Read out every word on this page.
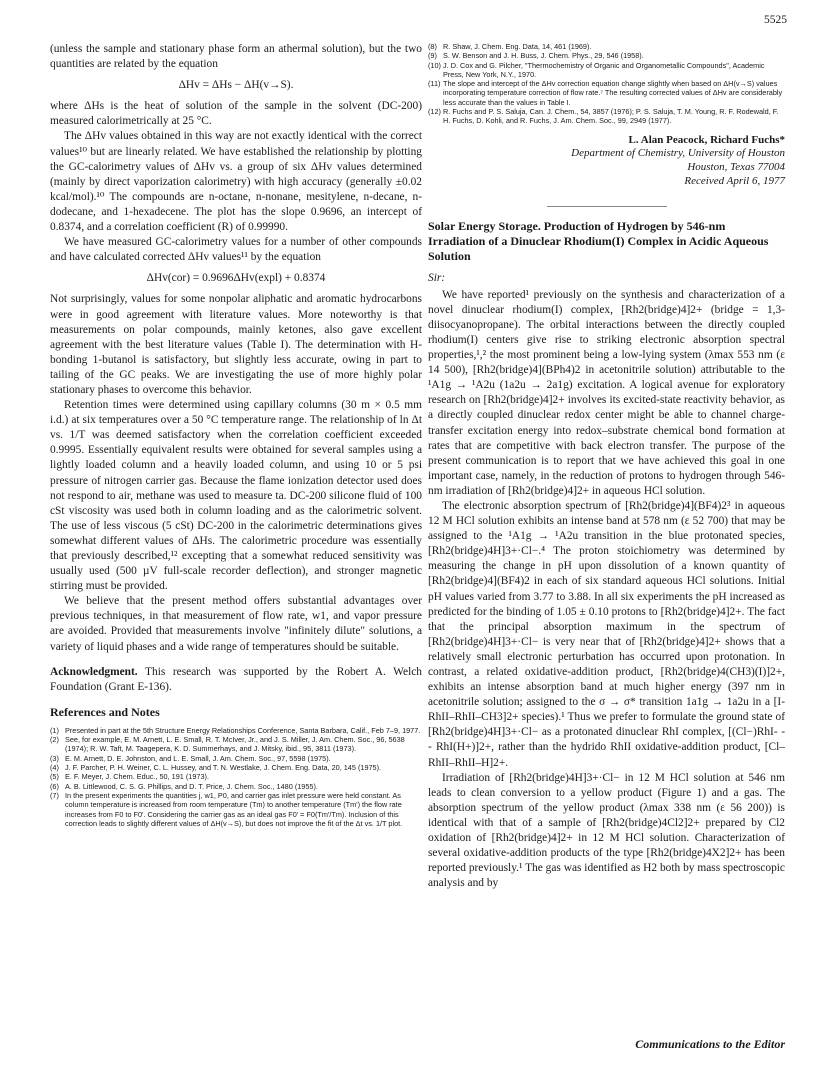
5525

(unless the sample and stationary phase form an athermal solution), but the two quantities are related by the equation

ΔHv = ΔHs − ΔH(v→S).

where ΔHs is the heat of solution of the sample in the solvent (DC-200) measured calorimetrically at 25 °C.

The ΔHv values obtained in this way are not exactly identical with the correct values¹⁰ but are linearly related. We have established the relationship by plotting the GC-calorimetry values of ΔHv vs. a group of six ΔHv values determined (mainly by direct vaporization calorimetry) with high accuracy (generally ±0.02 kcal/mol).¹⁰ The compounds are n-octane, n-nonane, mesitylene, n-decane, n-dodecane, and 1-hexadecene. The plot has the slope 0.9696, an intercept of 0.8374, and a correlation coefficient (R) of 0.99990.

We have measured GC-calorimetry values for a number of other compounds and have calculated corrected ΔHv values¹¹ by the equation

ΔHv(cor) = 0.9696ΔHv(expl) + 0.8374

Not surprisingly, values for some nonpolar aliphatic and aromatic hydrocarbons were in good agreement with literature values. More noteworthy is that measurements on polar compounds, mainly ketones, also gave excellent agreement with the best literature values (Table I). The determination with H-bonding 1-butanol is satisfactory, but slightly less accurate, owing in part to tailing of the GC peaks. We are investigating the use of more highly polar stationary phases to overcome this behavior.

Retention times were determined using capillary columns (30 m × 0.5 mm i.d.) at six temperatures over a 50 °C temperature range. The relationship of ln Δt vs. 1/T was deemed satisfactory when the correlation coefficient exceeded 0.9995. Essentially equivalent results were obtained for several samples using a lightly loaded column and a heavily loaded column, and using 10 or 5 psi pressure of nitrogen carrier gas. Because the flame ionization detector used does not respond to air, methane was used to measure ta. DC-200 silicone fluid of 100 cSt viscosity was used both in column loading and as the calorimetric solvent. The use of less viscous (5 cSt) DC-200 in the calorimetric determinations gives somewhat different values of ΔHs. The calorimetric procedure was essentially that previously described,¹² excepting that a somewhat reduced sensitivity was usually used (500 µV full-scale recorder deflection), and stronger magnetic stirring must be provided.

We believe that the present method offers substantial advantages over previous techniques, in that measurement of flow rate, w1, and vapor pressure are avoided. Provided that measurements involve "infinitely dilute" solutions, a variety of liquid phases and a wide range of temperatures should be suitable.

Acknowledgment. This research was supported by the Robert A. Welch Foundation (Grant E-136).
References and Notes
(1) Presented in part at the 5th Structure Energy Relationships Conference, Santa Barbara, Calif., Feb 7–9, 1977.
(2) See, for example, E. M. Arnett, L. E. Small, R. T. McIver, Jr., and J. S. Miller, J. Am. Chem. Soc., 96, 5638 (1974); R. W. Taft, M. Taagepera, K. D. Summerhays, and J. Mitsky, ibid., 95, 3811 (1973).
(3) E. M. Arnett, D. E. Johnston, and L. E. Small, J. Am. Chem. Soc., 97, 5598 (1975).
(4) J. F. Parcher, P. H. Weiner, C. L. Hussey, and T. N. Westlake, J. Chem. Eng. Data, 20, 145 (1975).
(5) E. F. Meyer, J. Chem. Educ., 50, 191 (1973).
(6) A. B. Littlewood, C. S. G. Phillips, and D. T. Price, J. Chem. Soc., 1480 (1955).
(7) In the present experiments the quantities j, w1, P0, and carrier gas inlet pressure were held constant. As column temperature is increased from room temperature (Tm) to another temperature (Tm') the flow rate increases from F0 to F0'. Considering the carrier gas as an ideal gas F0' = F0(Tm'/Tm). Inclusion of this correction leads to slightly different values of ΔH(v→S), but does not improve the fit of the Δt vs. 1/T plot.
(8) R. Shaw, J. Chem. Eng. Data, 14, 461 (1969).
(9) S. W. Benson and J. H. Buss, J. Chem. Phys., 29, 546 (1958).
(10) J. D. Cox and G. Pilcher, "Thermochemistry of Organic and Organometallic Compounds", Academic Press, New York, N.Y., 1970.
(11) The slope and intercept of the ΔHv correction equation change slightly when based on ΔH(v→S) values incorporating temperature correction of flow rate.⁷ The resulting corrected values of ΔHv are considerably less accurate than the values in Table I.
(12) R. Fuchs and P. S. Saluja, Can. J. Chem., 54, 3857 (1976); P. S. Saluja, T. M. Young, R. F. Rodewald, F. H. Fuchs, D. Kohli, and R. Fuchs, J. Am. Chem. Soc., 99, 2949 (1977).
L. Alan Peacock, Richard Fuchs*
Department of Chemistry, University of Houston
Houston, Texas 77004
Received April 6, 1977
Solar Energy Storage. Production of Hydrogen by 546-nm Irradiation of a Dinuclear Rhodium(I) Complex in Acidic Aqueous Solution
Sir:

We have reported¹ previously on the synthesis and characterization of a novel dinuclear rhodium(I) complex, [Rh2(bridge)4]2+ (bridge = 1,3-diisocyanopropane). The orbital interactions between the directly coupled rhodium(I) centers give rise to striking electronic absorption spectral properties,¹,² the most prominent being a low-lying system (λmax 553 nm (ε 14 500), [Rh2(bridge)4](BPh4)2 in acetonitrile solution) attributable to the ¹A1g → ¹A2u (1a2u → 2a1g) excitation. A logical avenue for exploratory research on [Rh2(bridge)4]2+ involves its excited-state reactivity behavior, as a directly coupled dinuclear redox center might be able to channel charge-transfer excitation energy into redox–substrate chemical bond formation at rates that are competitive with back electron transfer. The purpose of the present communication is to report that we have achieved this goal in one important case, namely, in the reduction of protons to hydrogen through 546-nm irradiation of [Rh2(bridge)4]2+ in aqueous HCl solution.

The electronic absorption spectrum of [Rh2(bridge)4](BF4)2³ in aqueous 12 M HCl solution exhibits an intense band at 578 nm (ε 52 700) that may be assigned to the ¹A1g → ¹A2u transition in the blue protonated species, [Rh2(bridge)4H]3+·Cl−.⁴ The proton stoichiometry was determined by measuring the change in pH upon dissolution of a known quantity of [Rh2(bridge)4](BF4)2 in each of six standard aqueous HCl solutions. Initial pH values varied from 3.77 to 3.88. In all six experiments the pH increased as predicted for the binding of 1.05 ± 0.10 protons to [Rh2(bridge)4]2+. The fact that the principal absorption maximum in the spectrum of [Rh2(bridge)4H]3+·Cl− is very near that of [Rh2(bridge)4]2+ shows that a relatively small electronic perturbation has occurred upon protonation. In contrast, a related oxidative-addition product, [Rh2(bridge)4(CH3)(I)]2+, exhibits an intense absorption band at much higher energy (397 nm in acetonitrile solution; assigned to the σ → σ* transition 1a1g → 1a2u in a [I-RhII–RhII–CH3]2+ species).¹ Thus we prefer to formulate the ground state of [Rh2(bridge)4H]3+·Cl− as a protonated dinuclear RhI complex, [(Cl−)RhI- - - RhI(H+)]2+, rather than the hydrido RhII oxidative-addition product, [Cl–RhII–RhII–H]2+.

Irradiation of [Rh2(bridge)4H]3+·Cl− in 12 M HCl solution at 546 nm leads to clean conversion to a yellow product (Figure 1) and a gas. The absorption spectrum of the yellow product (λmax 338 nm (ε 56 200)) is identical with that of a sample of [Rh2(bridge)4Cl2]2+ prepared by Cl2 oxidation of [Rh2(bridge)4]2+ in 12 M HCl solution. Characterization of several oxidative-addition products of the type [Rh2(bridge)4X2]2+ has been reported previously.¹ The gas was identified as H2 both by mass spectroscopic analysis and by

Communications to the Editor
